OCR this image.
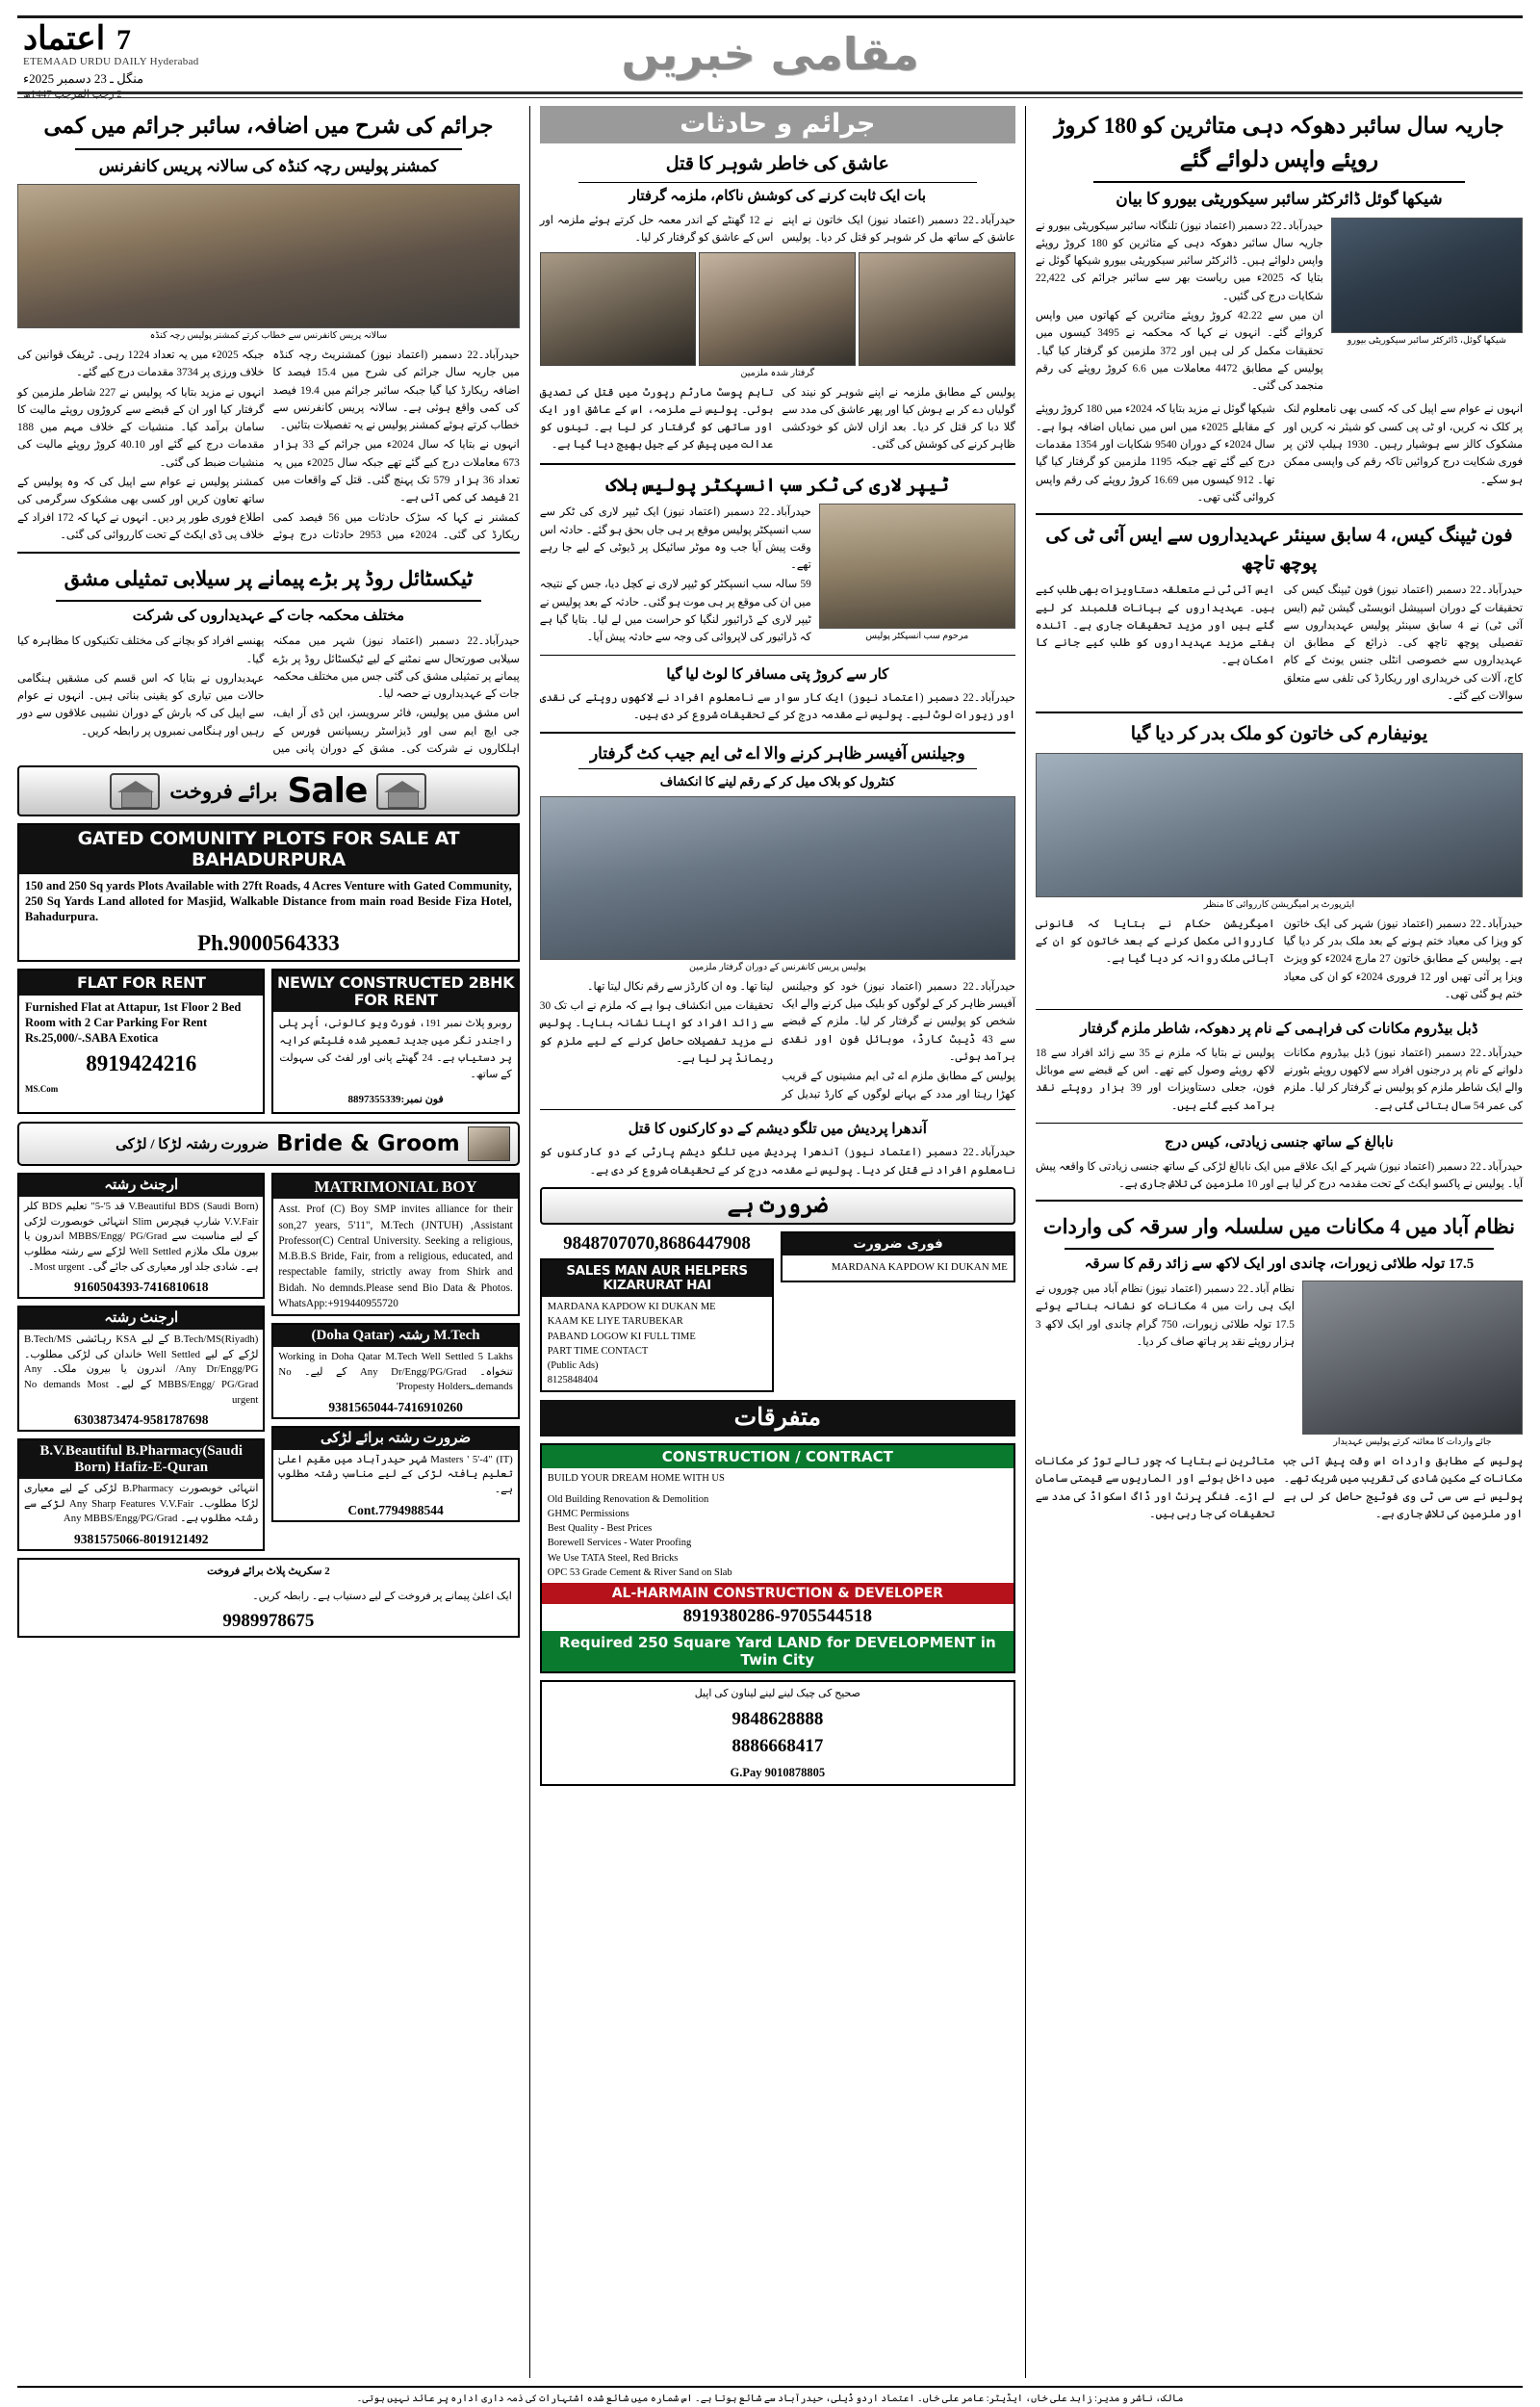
7 اعتماد
ETEMAAD URDU DAILY Hyderabad
منگل ـ 23 دسمبر 2025ء	مقامی خبریں
جاریہ سال سائبر دھوکہ دہی متاثرین کو 180 کروڑ روپئے واپس دلوائے گئے
شیکھا گوئل ڈائرکٹر سائبر سیکوریٹی بیورو کا بیان
شیکھا گوئل، ڈائرکٹر سائبر سیکوریٹی بیورو

حیدرآباد۔22 دسمبر (اعتماد نیوز) تلنگانہ سائبر سیکوریٹی بیورو نے جاریہ سال سائبر دھوکہ دہی کے متاثرین کو 180 کروڑ روپئے واپس دلوائے ہیں۔ ڈائرکٹر سائبر سیکوریٹی بیورو شیکھا گوئل نے بتایا کہ 2025ء میں ریاست بھر سے سائبر جرائم کی 22,422 شکایات درج کی گئیں۔

ان میں سے 42.22 کروڑ روپئے متاثرین کے کھاتوں میں واپس کروائے گئے۔ انہوں نے کہا کہ محکمہ نے 3495 کیسوں میں تحقیقات مکمل کر لی ہیں اور 372 ملزمین کو گرفتار کیا گیا۔ پولیس کے مطابق 4472 معاملات میں 6.6 کروڑ روپئے کی رقم منجمد کی گئی۔

انہوں نے عوام سے اپیل کی کہ کسی بھی نامعلوم لنک پر کلک نہ کریں، او ٹی پی کسی کو شیئر نہ کریں اور مشکوک کالز سے ہوشیار رہیں۔ 1930 ہیلپ لائن پر فوری شکایت درج کروائیں تاکہ رقم کی واپسی ممکن ہو سکے۔

شیکھا گوئل نے مزید بتایا کہ 2024ء میں 180 کروڑ روپئے کے مقابلے 2025ء میں اس میں نمایاں اضافہ ہوا ہے۔ سال 2024ء کے دوران 9540 شکایات اور 1354 مقدمات درج کیے گئے تھے جبکہ 1195 ملزمین کو گرفتار کیا گیا تھا۔ 912 کیسوں میں 16.69 کروڑ روپئے کی رقم واپس کروائی گئی تھی۔

فون ٹیپنگ کیس، 4 سابق سینئر عہدیداروں سے ایس آئی ٹی کی پوچھ تاچھ

حیدرآباد۔22 دسمبر (اعتماد نیوز) فون ٹیپنگ کیس کی تحقیقات کے دوران اسپیشل انویسٹی گیشن ٹیم (ایس آئی ٹی) نے 4 سابق سینئر پولیس عہدیداروں سے تفصیلی پوچھ تاچھ کی۔ ذرائع کے مطابق ان عہدیداروں سے خصوصی انٹلی جنس یونٹ کے کام کاج، آلات کی خریداری اور ریکارڈ کی تلفی سے متعلق سوالات کیے گئے۔

ایس آئی ٹی نے متعلقہ دستاویزات بھی طلب کیے ہیں۔ عہدیداروں کے بیانات قلمبند کر لیے گئے ہیں اور مزید تحقیقات جاری ہے۔ آئندہ ہفتے مزید عہدیداروں کو طلب کیے جانے کا امکان ہے۔

یونیفارم کی خاتون کو ملک بدر کر دیا گیا
ایئرپورٹ پر امیگریشن کارروائی کا منظر

حیدرآباد۔22 دسمبر (اعتماد نیوز) شہر کی ایک خاتون کو ویزا کی معیاد ختم ہونے کے بعد ملک بدر کر دیا گیا ہے۔ پولیس کے مطابق خاتون 27 مارچ 2024ء کو ویزٹ ویزا پر آئی تھیں اور 12 فروری 2024ء کو ان کی معیاد ختم ہو گئی تھی۔

امیگریشن حکام نے بتایا کہ قانونی کارروائی مکمل کرنے کے بعد خاتون کو ان کے آبائی ملک روانہ کر دیا گیا ہے۔

ڈبل بیڈروم مکانات کی فراہمی کے نام پر دھوکہ، شاطر ملزم گرفتار

حیدرآباد۔22 دسمبر (اعتماد نیوز) ڈبل بیڈروم مکانات دلوانے کے نام پر درجنوں افراد سے لاکھوں روپئے بٹورنے والے ایک شاطر ملزم کو پولیس نے گرفتار کر لیا۔ ملزم کی عمر 54 سال بتائی گئی ہے۔

پولیس نے بتایا کہ ملزم نے 35 سے زائد افراد سے 18 لاکھ روپئے وصول کیے تھے۔ اس کے قبضے سے موبائل فون، جعلی دستاویزات اور 39 ہزار روپئے نقد برآمد کیے گئے ہیں۔

نابالغ کے ساتھ جنسی زیادتی، کیس درج

حیدرآباد۔22 دسمبر (اعتماد نیوز) شہر کے ایک علاقے میں ایک نابالغ لڑکی کے ساتھ جنسی زیادتی کا واقعہ پیش آیا۔ پولیس نے پاکسو ایکٹ کے تحت مقدمہ درج کر لیا ہے اور 10 ملزمین کی تلاش جاری ہے۔

نظام آباد میں 4 مکانات میں سلسلہ وار سرقہ کی واردات
17.5 تولہ طلائی زیورات، چاندی اور ایک لاکھ سے زائد رقم کا سرقہ
جائے واردات کا معائنہ کرتے پولیس عہدیدار

نظام آباد۔22 دسمبر (اعتماد نیوز) نظام آباد میں چوروں نے ایک ہی رات میں 4 مکانات کو نشانہ بناتے ہوئے 17.5 تولہ طلائی زیورات، 750 گرام چاندی اور ایک لاکھ 3 ہزار روپئے نقد پر ہاتھ صاف کر دیا۔

پولیس کے مطابق واردات اس وقت پیش آئی جب مکانات کے مکین شادی کی تقریب میں شریک تھے۔ پولیس نے سی سی ٹی وی فوٹیج حاصل کر لی ہے اور ملزمین کی تلاش جاری ہے۔

متاثرین نے بتایا کہ چور تالے توڑ کر مکانات میں داخل ہوئے اور الماریوں سے قیمتی سامان لے اڑے۔ فنگر پرنٹ اور ڈاگ اسکواڈ کی مدد سے تحقیقات کی جا رہی ہیں۔

جرائم و حادثات
عاشق کی خاطر شوہر کا قتل
بات ایک ثابت کرنے کی کوشش ناکام، ملزمہ گرفتار

حیدرآباد۔22 دسمبر (اعتماد نیوز) ایک خاتون نے اپنے عاشق کے ساتھ مل کر شوہر کو قتل کر دیا۔ پولیس نے 12 گھنٹے کے اندر معمہ حل کرتے ہوئے ملزمہ اور اس کے عاشق کو گرفتار کر لیا۔

گرفتار شدہ ملزمین

پولیس کے مطابق ملزمہ نے اپنے شوہر کو نیند کی گولیاں دے کر بے ہوش کیا اور پھر عاشق کی مدد سے گلا دبا کر قتل کر دیا۔ بعد ازاں لاش کو خودکشی ظاہر کرنے کی کوشش کی گئی۔

تاہم پوسٹ مارٹم رپورٹ میں قتل کی تصدیق ہوئی۔ پولیس نے ملزمہ، اس کے عاشق اور ایک اور ساتھی کو گرفتار کر لیا ہے۔ تینوں کو عدالت میں پیش کر کے جیل بھیج دیا گیا ہے۔

ٹیپر لاری کی ٹکر سب انسپکٹر پولیس ہلاک
مرحوم سب انسپکٹر پولیس

حیدرآباد۔22 دسمبر (اعتماد نیوز) ایک ٹیپر لاری کی ٹکر سے سب انسپکٹر پولیس موقع پر ہی جاں بحق ہو گئے۔ حادثہ اس وقت پیش آیا جب وہ موٹر سائیکل پر ڈیوٹی کے لیے جا رہے تھے۔

59 سالہ سب انسپکٹر کو ٹیپر لاری نے کچل دیا، جس کے نتیجہ میں ان کی موقع پر ہی موت ہو گئی۔ حادثہ کے بعد پولیس نے ٹیپر لاری کے ڈرائیور لنگیا کو حراست میں لے لیا۔ بتایا گیا ہے کہ ڈرائیور کی لاپروائی کی وجہ سے حادثہ پیش آیا۔

کار سے کروڑ پتی مسافر کا لوٹ لیا گیا

حیدرآباد۔22 دسمبر (اعتماد نیوز) ایک کار سوار سے نامعلوم افراد نے لاکھوں روپئے کی نقدی اور زیورات لوٹ لیے۔ پولیس نے مقدمہ درج کر کے تحقیقات شروع کر دی ہیں۔

وجیلنس آفیسر ظاہر کرنے والا اے ٹی ایم جیب کٹ گرفتار
کنٹرول کو بلاک میل کر کے رقم لینے کا انکشاف
پولیس پریس کانفرنس کے دوران گرفتار ملزمین

حیدرآباد۔22 دسمبر (اعتماد نیوز) خود کو وجیلنس آفیسر ظاہر کر کے لوگوں کو بلیک میل کرنے والے ایک شخص کو پولیس نے گرفتار کر لیا۔ ملزم کے قبضے سے 43 ڈیبٹ کارڈ، موبائل فون اور نقدی برآمد ہوئی۔

پولیس کے مطابق ملزم اے ٹی ایم مشینوں کے قریب کھڑا رہتا اور مدد کے بہانے لوگوں کے کارڈ تبدیل کر لیتا تھا۔ وہ ان کارڈز سے رقم نکال لیتا تھا۔

تحقیقات میں انکشاف ہوا ہے کہ ملزم نے اب تک 30 سے زائد افراد کو اپنا نشانہ بنایا۔ پولیس نے مزید تفصیلات حاصل کرنے کے لیے ملزم کو ریمانڈ پر لیا ہے۔

آندھرا پردیش میں تلگو دیشم کے دو کارکنوں کا قتل

حیدرآباد۔22 دسمبر (اعتماد نیوز) آندھرا پردیش میں تلگو دیشم پارٹی کے دو کارکنوں کو نامعلوم افراد نے قتل کر دیا۔ پولیس نے مقدمہ درج کر کے تحقیقات شروع کر دی ہے۔

ضرورت ہے
فوری ضرورت
MARDANA KAPDOW KI DUKAN ME
9848707070,8686447908
SALES MAN AUR HELPERS KIZARURAT HAI
MARDANA KAPDOW KI DUKAN ME
KAAM KE LIYE TARUBEKAR
PABAND LOGOW KI FULL TIME
PART TIME CONTACT
(Public Ads)
8125848404
متفرقات
CONSTRUCTION / CONTRACT
BUILD YOUR DREAM HOME WITH US
Old Building Renovation & Demolition
GHMC Permissions
Best Quality - Best Prices
Borewell Services - Water Proofing
We Use TATA Steel, Red Bricks
OPC 53 Grade Cement & River Sand on Slab
AL-HARMAIN CONSTRUCTION & DEVELOPER
8919380286-9705544518
Required 250 Square Yard LAND for DEVELOPMENT in Twin City
صحیح کی چیک لینے لینے لیناون کی اپیل
9848628888
8886668417
G.Pay 9010878805
جرائم کی شرح میں اضافہ، سائبر جرائم میں کمی
کمشنر پولیس رچہ کنڈہ کی سالانہ پریس کانفرنس
سالانہ پریس کانفرنس سے خطاب کرتے کمشنر پولیس رچہ کنڈہ

حیدرآباد۔22 دسمبر (اعتماد نیوز) کمشنریٹ رچہ کنڈہ میں جاریہ سال جرائم کی شرح میں 15.4 فیصد کا اضافہ ریکارڈ کیا گیا جبکہ سائبر جرائم میں 19.4 فیصد کی کمی واقع ہوئی ہے۔ سالانہ پریس کانفرنس سے خطاب کرتے ہوئے کمشنر پولیس نے یہ تفصیلات بتائیں۔

انہوں نے بتایا کہ سال 2024ء میں جرائم کے 33 ہزار 673 معاملات درج کیے گئے تھے جبکہ سال 2025ء میں یہ تعداد 36 ہزار 579 تک پہنچ گئی۔ قتل کے واقعات میں 21 فیصد کی کمی آئی ہے۔

کمشنر نے کہا کہ سڑک حادثات میں 56 فیصد کمی ریکارڈ کی گئی۔ 2024ء میں 2953 حادثات درج ہوئے جبکہ 2025ء میں یہ تعداد 1224 رہی۔ ٹریفک قوانین کی خلاف ورزی پر 3734 مقدمات درج کیے گئے۔

انہوں نے مزید بتایا کہ پولیس نے 227 شاطر ملزمین کو گرفتار کیا اور ان کے قبضے سے کروڑوں روپئے مالیت کا سامان برآمد کیا۔ منشیات کے خلاف مہم میں 188 مقدمات درج کیے گئے اور 40.10 کروڑ روپئے مالیت کی منشیات ضبط کی گئی۔

کمشنر پولیس نے عوام سے اپیل کی کہ وہ پولیس کے ساتھ تعاون کریں اور کسی بھی مشکوک سرگرمی کی اطلاع فوری طور پر دیں۔ انہوں نے کہا کہ 172 افراد کے خلاف پی ڈی ایکٹ کے تحت کارروائی کی گئی۔

ٹیکسٹائل روڈ پر بڑے پیمانے پر سیلابی تمثیلی مشق
مختلف محکمہ جات کے عہدیداروں کی شرکت

حیدرآباد۔22 دسمبر (اعتماد نیوز) شہر میں ممکنہ سیلابی صورتحال سے نمٹنے کے لیے ٹیکسٹائل روڈ پر بڑے پیمانے پر تمثیلی مشق کی گئی جس میں مختلف محکمہ جات کے عہدیداروں نے حصہ لیا۔

اس مشق میں پولیس، فائر سرویسز، این ڈی آر ایف، جی ایچ ایم سی اور ڈیزاسٹر ریسپانس فورس کے اہلکاروں نے شرکت کی۔ مشق کے دوران پانی میں پھنسے افراد کو بچانے کی مختلف تکنیکوں کا مظاہرہ کیا گیا۔

عہدیداروں نے بتایا کہ اس قسم کی مشقیں ہنگامی حالات میں تیاری کو یقینی بناتی ہیں۔ انہوں نے عوام سے اپیل کی کہ بارش کے دوران نشیبی علاقوں سے دور رہیں اور ہنگامی نمبروں پر رابطہ کریں۔

Sale
برائے فروخت
GATED COMUNITY PLOTS FOR SALE AT BAHADURPURA
150 and 250 Sq yards Plots Available with 27ft Roads, 4 Acres Venture with Gated Community, 250 Sq Yards Land alloted for Masjid, Walkable Distance from main road Beside Fiza Hotel, Bahadurpura.
Ph.9000564333
NEWLY CONSTRUCTED 2BHK FOR RENT
روبرو پلاٹ نمبر 191، فورٹ ویو کالونی، اُپر پلی راجندر نگر میں جدید تعمیر شدہ فلیٹس کرایہ پر دستیاب ہے۔ 24 گھنٹے پانی اور لفٹ کی سہولت کے ساتھ۔
فون نمبر:8897355339
FLAT FOR RENT
Furnished Flat at Attapur, 1st Floor 2 Bed Room with 2 Car Parking For Rent Rs.25,000/-.SABA Exotica
8919424216
MS.Com
Bride & Groom
ضرورت رشتہ لڑکا / لڑکی
MATRIMONIAL BOY
Asst. Prof (C) Boy SMP invites alliance for their son,27 years, 5'11", M.Tech (JNTUH) ,Assistant Professor(C) Central University. Seeking a religious, M.B.B.S Bride, Fair, from a religious, educated, and respectable family, strictly away from Shirk and Bidah. No demnds.Please send Bio Data & Photos. WhatsApp:+919440955720
M.Tech رشتہ (Doha Qatar)
Working in Doha Qatar M.Tech Well Settled 5 Lakhs تنخواہ۔ Any Dr/Engg/PG/Grad کے لیے۔ No demands.ـPropesty Holders'
9381565044-7416910260
ضرورت رشتہ برائے لڑکی
Masters ' 5'-4" (IT) شہر حیدرآباد میں مقیم اعلیٰ تعلیم یافتہ لڑکی کے لیے مناسب رشتہ مطلوب ہے۔
Cont.7794988544
ارجنٹ رشتہ
V.Beautiful BDS (Saudi Born) قد 5'-5" تعلیم BDS کلر V.V.Fair شارپ فیچرس Slim انتہائی خوبصورت لڑکی کے لیے مناسبت سے MBBS/Engg/ PG/Grad اندرون یا بیرون ملک ملازم Well Settled لڑکے سے رشتہ مطلوب ہے۔ شادی جلد اور معیاری کی جائے گی۔ Most urgent۔
9160504393-7416810618
ارجنٹ رشتہ
B.Tech/MS(Riyadh) کے لیے KSA رہائشی B.Tech/MS لڑکے کے لیے Well Settled خاندان کی لڑکی مطلوب۔ Any Dr/Engg/PG/ اندرون یا بیرون ملک۔ Any MBBS/Engg/ PG/Grad کے لیے۔ No demands Most urgent
6303873474-9581787698
B.V.Beautiful B.Pharmacy(Saudi Born) Hafiz-E-Quran
انتہائی خوبصورت B.Pharmacy لڑکی کے لیے معیاری لڑکا مطلوب۔ Any Sharp Features V.V.Fair لڑکے سے رشتہ مطلوب ہے۔ Any MBBS/Engg/PG/Grad
9381575066-8019121492
2 سکریٹ پلاٹ برائے فروخت
ایک اعلیٰ پیمانے پر فروخت کے لیے دستیاب ہے۔ رابطہ کریں۔
9989978675
مالک، ناشر و مدیر: زاہد علی خاں، ایڈیٹر: عامر علی خاں۔ اعتماد اردو ڈیلی، حیدرآباد سے شائع ہوتا ہے۔ اس شمارہ میں شائع شدہ اشتہارات کی ذمہ داری ادارہ پر عائد نہیں ہوتی۔
